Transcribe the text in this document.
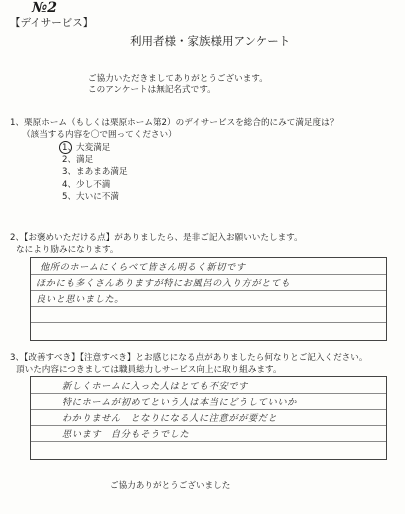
№2
【デイサービス】
利用者様・家族様用アンケート
ご協力いただきましてありがとうございます。
このアンケートは無記名式です。
1、栗原ホーム（もしくは栗原ホーム第2）のデイサービスを総合的にみて満足度は？
（該当する内容を〇で囲ってください）
1、大変満足
2、満足
3、まあまあ満足
4、少し不満
5、大いに不満
2、【お褒めいただける点】がありましたら、是非ご記入お願いいたします。
なにより励みになります。
他所のホームにくらべて皆さん明るく新切です
ほかにも多くさんありますが特にお風呂の入り方がとても
良いと思いました。
3、【改善すべき】【注意すべき】とお感じになる点がありましたら何なりとご記入ください。
頂いた内容につきましては職員総力しサービス向上に取り組みます。
新しくホームに入った人はとても不安です
特にホームが初めてという人は本当にどうしていいか
わかりません　となりになる人に注意がが要だと
思います　自分もそうでした
ご協力ありがとうございました
